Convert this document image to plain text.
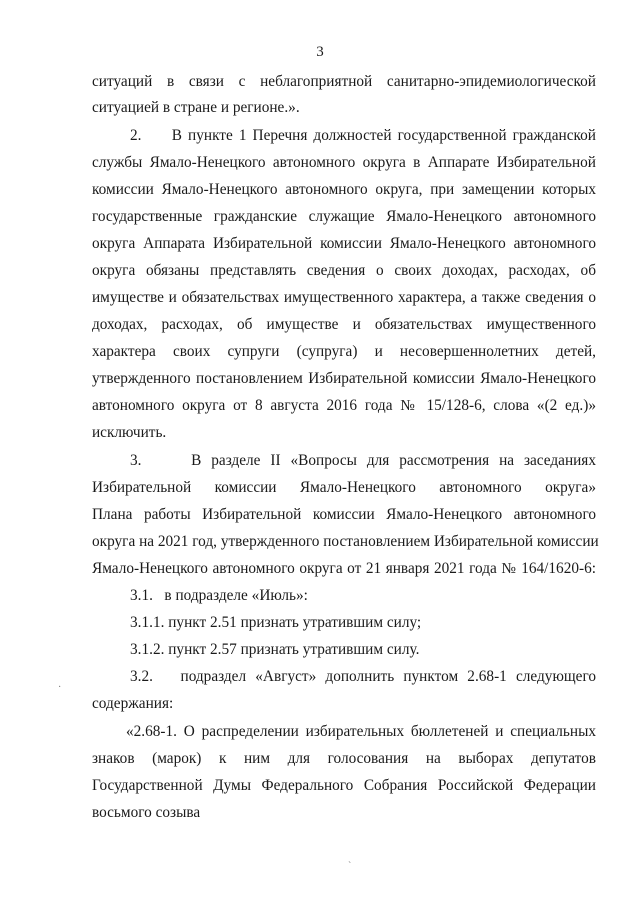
3
ситуаций в связи с неблагоприятной санитарно-эпидемиологической
ситуацией в стране и регионе.».
2.     В пункте 1 Перечня должностей государственной гражданской
службы Ямало-Ненецкого автономного округа в Аппарате Избирательной
комиссии Ямало-Ненецкого автономного округа, при замещении которых
государственные гражданские служащие Ямало-Ненецкого автономного
округа Аппарата Избирательной комиссии Ямало-Ненецкого автономного
округа обязаны представлять сведения о своих доходах, расходах, об
имуществе и обязательствах имущественного характера, а также сведения о
доходах, расходах, об имуществе и обязательствах имущественного
характера своих супруги (супруга) и несовершеннолетних детей,
утвержденного постановлением Избирательной комиссии Ямало-Ненецкого
автономного округа от 8 августа 2016 года № 15/128-6, слова «(2 ед.)»
исключить.
3.     В разделе II «Вопросы для рассмотрения на заседаниях
Избирательной комиссии Ямало-Ненецкого автономного округа»
Плана работы Избирательной комиссии Ямало-Ненецкого автономного
округа на 2021 год, утвержденного постановлением Избирательной комиссии
Ямало-Ненецкого автономного округа от 21 января 2021 года № 164/1620-6:
3.1.   в подразделе «Июль»:
3.1.1. пункт 2.51 признать утратившим силу;
3.1.2. пункт 2.57 признать утратившим силу.
3.2.   подраздел «Август» дополнить пунктом 2.68-1 следующего
содержания:
«2.68-1. О распределении избирательных бюллетеней и специальных
знаков (марок) к ним для голосования на выборах депутатов
Государственной Думы Федерального Собрания Российской Федерации
восьмого созыва
·
`
